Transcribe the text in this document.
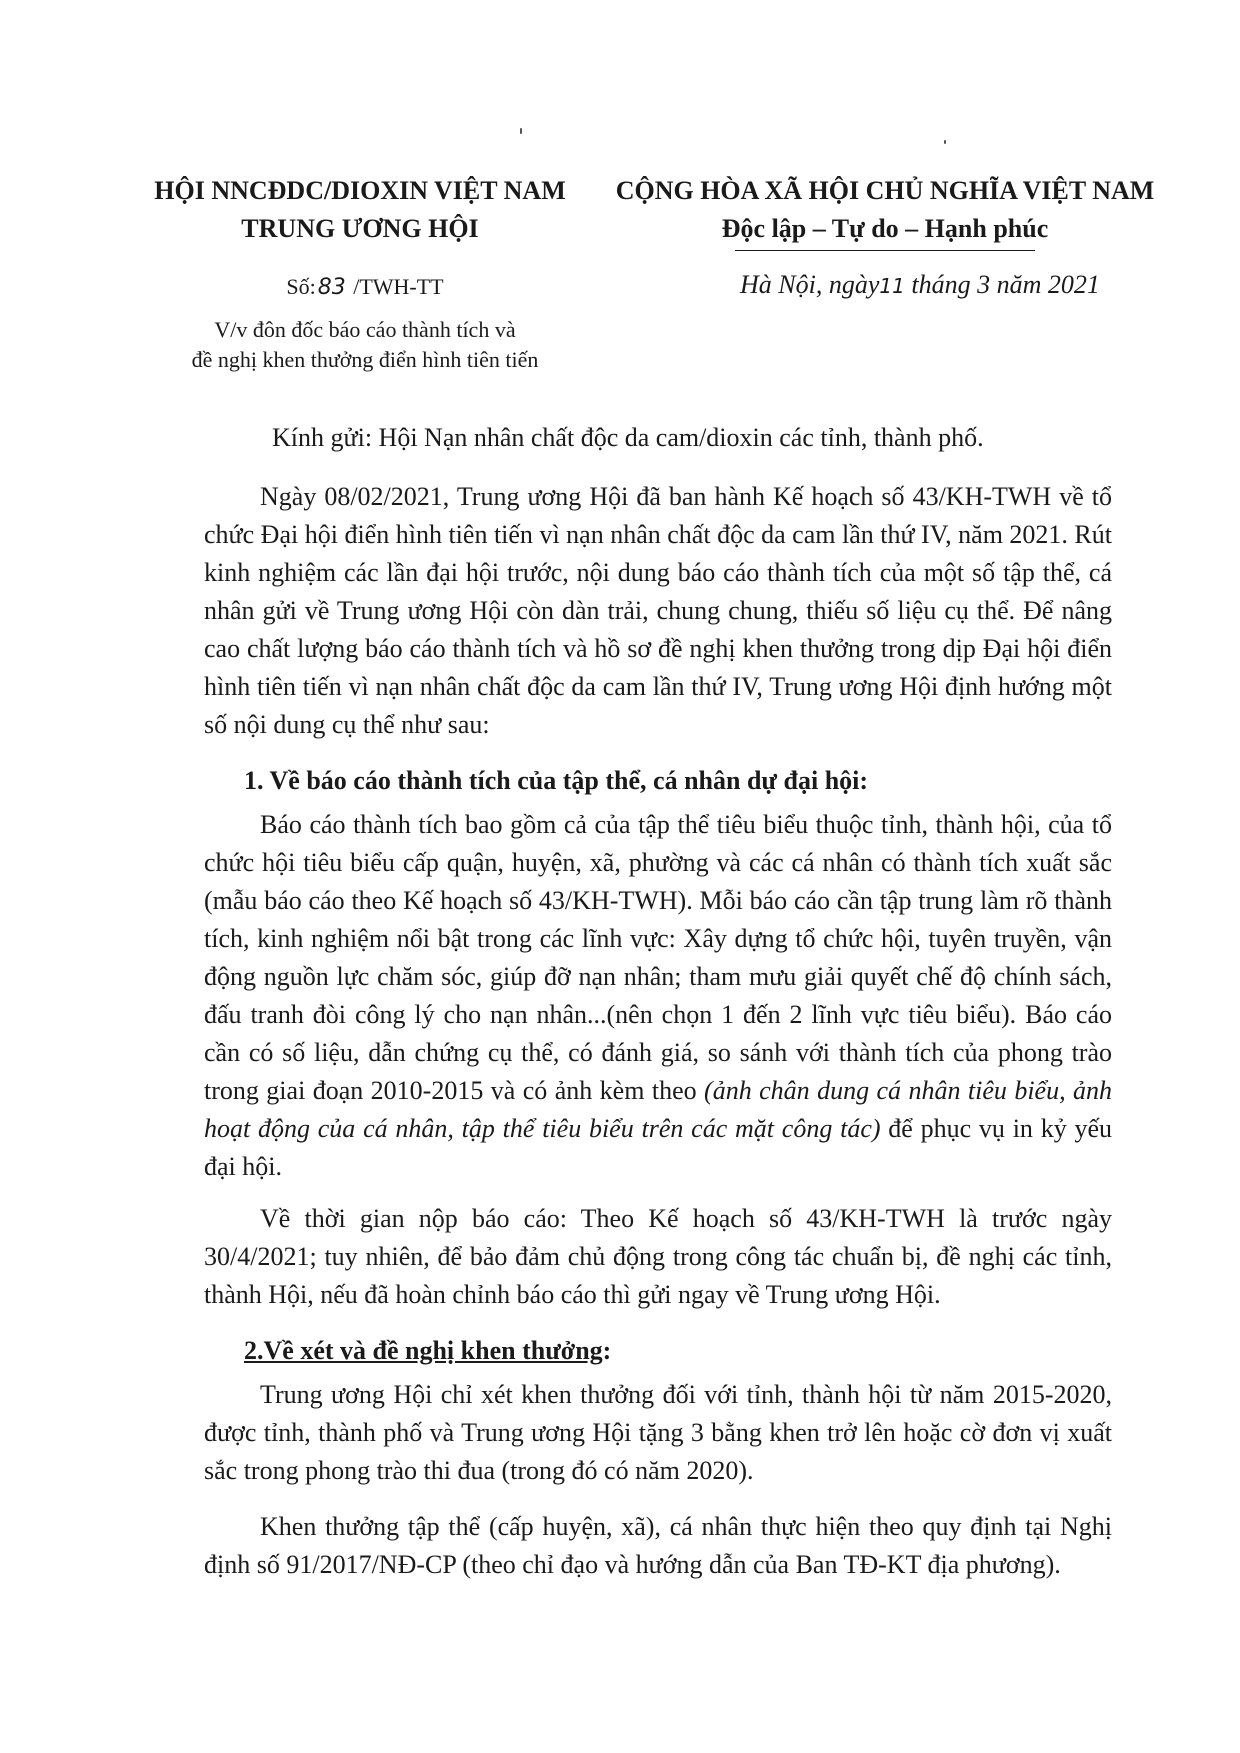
HỘI NNCĐDC/DIOXIN VIỆT NAM
TRUNG ƯƠNG HỘI
CỘNG HÒA XÃ HỘI CHỦ NGHĨA VIỆT NAM
Độc lập – Tự do – Hạnh phúc
Số:83 /TWH-TT
V/v đôn đốc báo cáo thành tích và
đề nghị khen thưởng điển hình tiên tiến
Hà Nội, ngày11 tháng 3 năm 2021
Kính gửi: Hội Nạn nhân chất độc da cam/dioxin các tỉnh, thành phố.

Ngày 08/02/2021, Trung ương Hội đã ban hành Kế hoạch số 43/KH-TWH về tổ chức Đại hội điển hình tiên tiến vì nạn nhân chất độc da cam lần thứ IV, năm 2021. Rút kinh nghiệm các lần đại hội trước, nội dung báo cáo thành tích của một số tập thể, cá nhân gửi về Trung ương Hội còn dàn trải, chung chung, thiếu số liệu cụ thể. Để nâng cao chất lượng báo cáo thành tích và hồ sơ đề nghị khen thưởng trong dịp Đại hội điển hình tiên tiến vì nạn nhân chất độc da cam lần thứ IV, Trung ương Hội định hướng một số nội dung cụ thể như sau:

1. Về báo cáo thành tích của tập thể, cá nhân dự đại hội:

Báo cáo thành tích bao gồm cả của tập thể tiêu biểu thuộc tỉnh, thành hội, của tổ chức hội tiêu biểu cấp quận, huyện, xã, phường và các cá nhân có thành tích xuất sắc (mẫu báo cáo theo Kế hoạch số 43/KH-TWH). Mỗi báo cáo cần tập trung làm rõ thành tích, kinh nghiệm nổi bật trong các lĩnh vực: Xây dựng tổ chức hội, tuyên truyền, vận động nguồn lực chăm sóc, giúp đỡ nạn nhân; tham mưu giải quyết chế độ chính sách, đấu tranh đòi công lý cho nạn nhân...(nên chọn 1 đến 2 lĩnh vực tiêu biểu). Báo cáo cần có số liệu, dẫn chứng cụ thể, có đánh giá, so sánh với thành tích của phong trào trong giai đoạn 2010-2015 và có ảnh kèm theo (ảnh chân dung cá nhân tiêu biểu, ảnh hoạt động của cá nhân, tập thể tiêu biểu trên các mặt công tác) để phục vụ in kỷ yếu đại hội.

Về thời gian nộp báo cáo: Theo Kế hoạch số 43/KH-TWH là trước ngày 30/4/2021; tuy nhiên, để bảo đảm chủ động trong công tác chuẩn bị, đề nghị các tỉnh, thành Hội, nếu đã hoàn chỉnh báo cáo thì gửi ngay về Trung ương Hội.

2.Về xét và đề nghị khen thưởng:

Trung ương Hội chỉ xét khen thưởng đối với tỉnh, thành hội từ năm 2015-2020, được tỉnh, thành phố và Trung ương Hội tặng 3 bằng khen trở lên hoặc cờ đơn vị xuất sắc trong phong trào thi đua (trong đó có năm 2020).

Khen thưởng tập thể (cấp huyện, xã), cá nhân thực hiện theo quy định tại Nghị định số 91/2017/NĐ-CP (theo chỉ đạo và hướng dẫn của Ban TĐ-KT địa phương).
